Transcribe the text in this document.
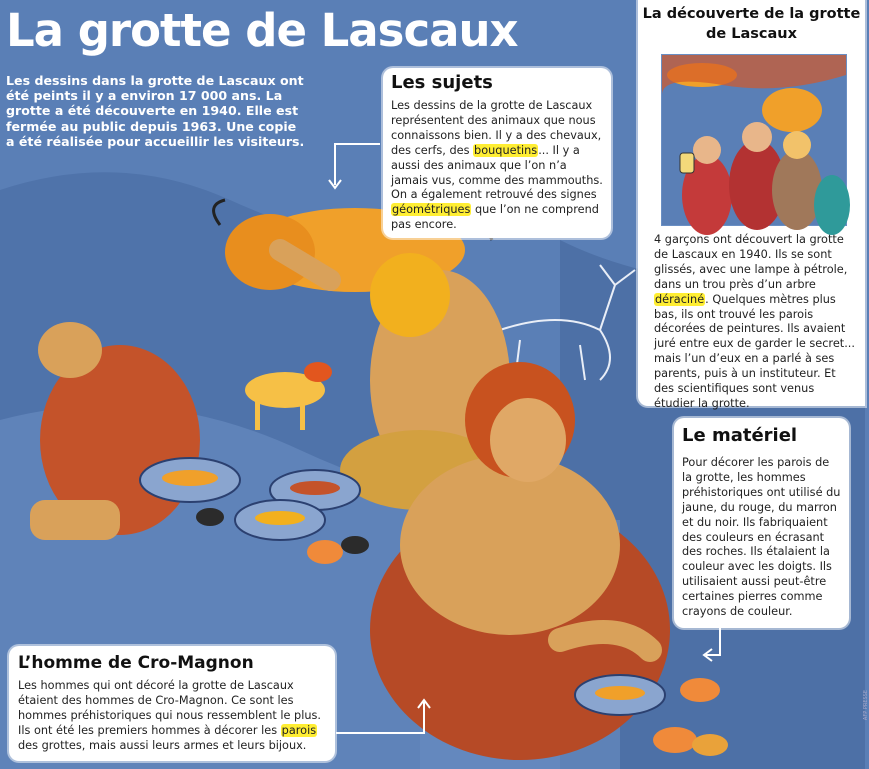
La grotte de Lascaux
Les dessins dans la grotte de Lascaux ont été peints il y a environ 17 000 ans. La grotte a été découverte en 1940. Elle est fermée au public depuis 1963. Une copie a été réalisée pour accueillir les visiteurs.
Les sujets

Les dessins de la grotte de Lascaux représentent des animaux que nous connaissons bien. Il y a des chevaux, des cerfs, des bouquetins... Il y a aussi des animaux que l’on n’a jamais vus, comme des mammouths. On a également retrouvé des signes géométriques que l’on ne comprend pas encore.

La découverte de la grotte de Lascaux

4 garçons ont découvert la grotte de Lascaux en 1940. Ils se sont glissés, avec une lampe à pétrole, dans un trou près d’un arbre déraciné. Quelques mètres plus bas, ils ont trouvé les parois décorées de peintures. Ils avaient juré entre eux de garder le secret... mais l’un d’eux en a parlé à ses parents, puis à un instituteur. Et des scientifiques sont venus étudier la grotte.

Le matériel

Pour décorer les parois de la grotte, les hommes préhistoriques ont utilisé du jaune, du rouge, du marron et du noir. Ils fabriquaient des couleurs en écrasant des roches. Ils étalaient la couleur avec les doigts. Ils utilisaient aussi peut-être certaines pierres comme crayons de couleur.

L’homme de Cro-Magnon

Les hommes qui ont décoré la grotte de Lascaux étaient des hommes de Cro-Magnon. Ce sont les hommes préhistoriques qui nous ressemblent le plus. Ils ont été les premiers hommes à décorer les parois des grottes, mais aussi leurs armes et leurs bijoux.

AFP PRESSE
